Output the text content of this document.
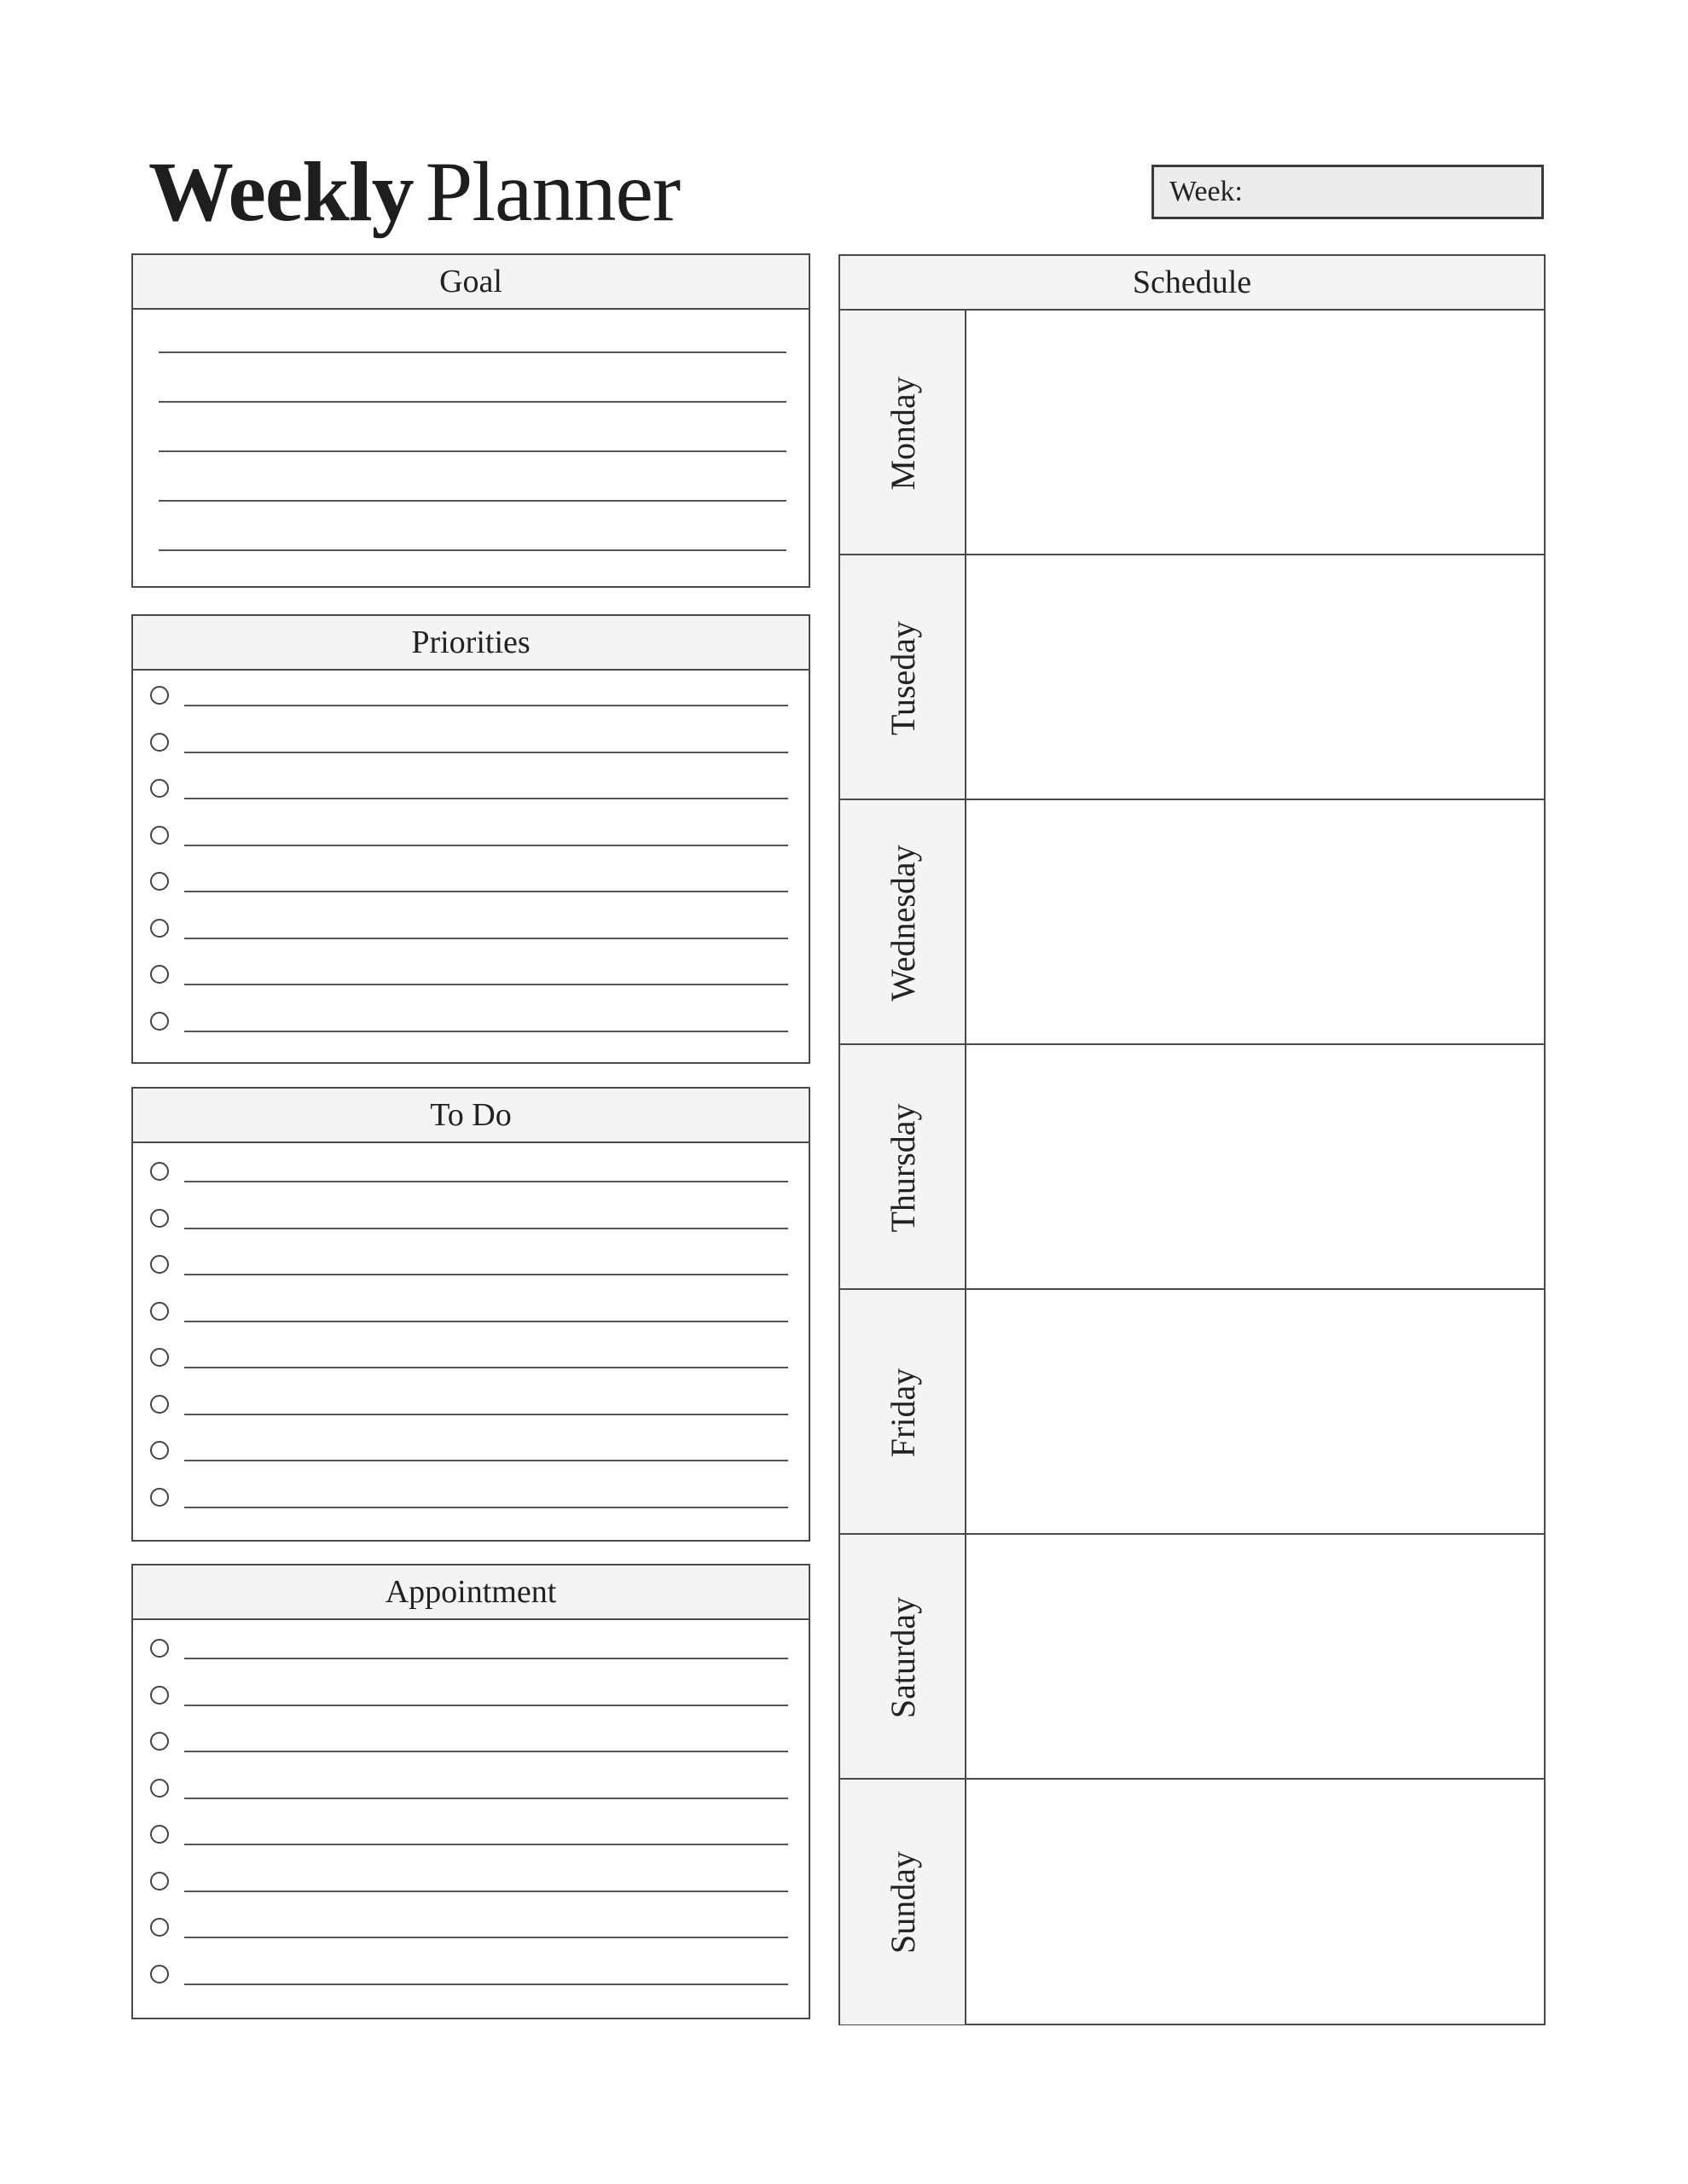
Weekly Planner	Week:
Goal
Priorities
To Do
Appointment
Schedule
Monday
Tuseday
Wednesday
Thursday
Friday
Saturday
Sunday
